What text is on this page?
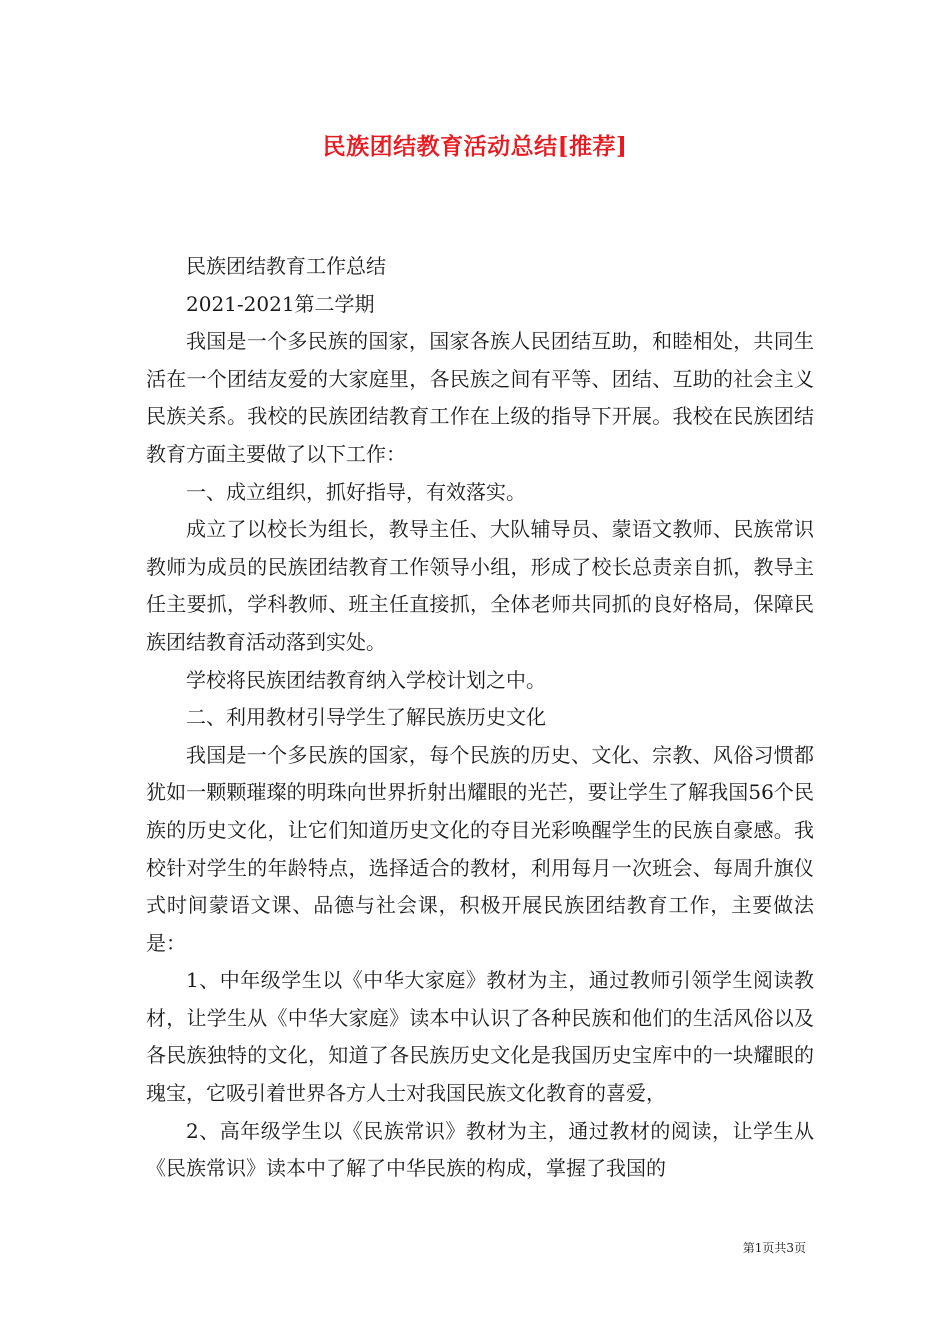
民族团结教育活动总结[推荐]

民族团结教育工作总结

2021-2021第二学期

我国是一个多民族的国家，国家各族人民团结互助，和睦相处，共同生活在一个团结友爱的大家庭里，各民族之间有平等、团结、互助的社会主义民族关系。我校的民族团结教育工作在上级的指导下开展。我校在民族团结教育方面主要做了以下工作：

一、成立组织，抓好指导，有效落实。

成立了以校长为组长，教导主任、大队辅导员、蒙语文教师、民族常识教师为成员的民族团结教育工作领导小组，形成了校长总责亲自抓，教导主任主要抓，学科教师、班主任直接抓，全体老师共同抓的良好格局，保障民族团结教育活动落到实处。

学校将民族团结教育纳入学校计划之中。

二、利用教材引导学生了解民族历史文化

我国是一个多民族的国家，每个民族的历史、文化、宗教、风俗习惯都犹如一颗颗璀璨的明珠向世界折射出耀眼的光芒，要让学生了解我国56个民族的历史文化，让它们知道历史文化的夺目光彩唤醒学生的民族自豪感。我校针对学生的年龄特点，选择适合的教材，利用每月一次班会、每周升旗仪式时间蒙语文课、品德与社会课，积极开展民族团结教育工作，主要做法是：

1、中年级学生以《中华大家庭》教材为主，通过教师引领学生阅读教材，让学生从《中华大家庭》读本中认识了各种民族和他们的生活风俗以及各民族独特的文化，知道了各民族历史文化是我国历史宝库中的一块耀眼的瑰宝，它吸引着世界各方人士对我国民族文化教育的喜爱，

2、高年级学生以《民族常识》教材为主，通过教材的阅读，让学生从《民族常识》读本中了解了中华民族的构成，掌握了我国的

第1页共3页
